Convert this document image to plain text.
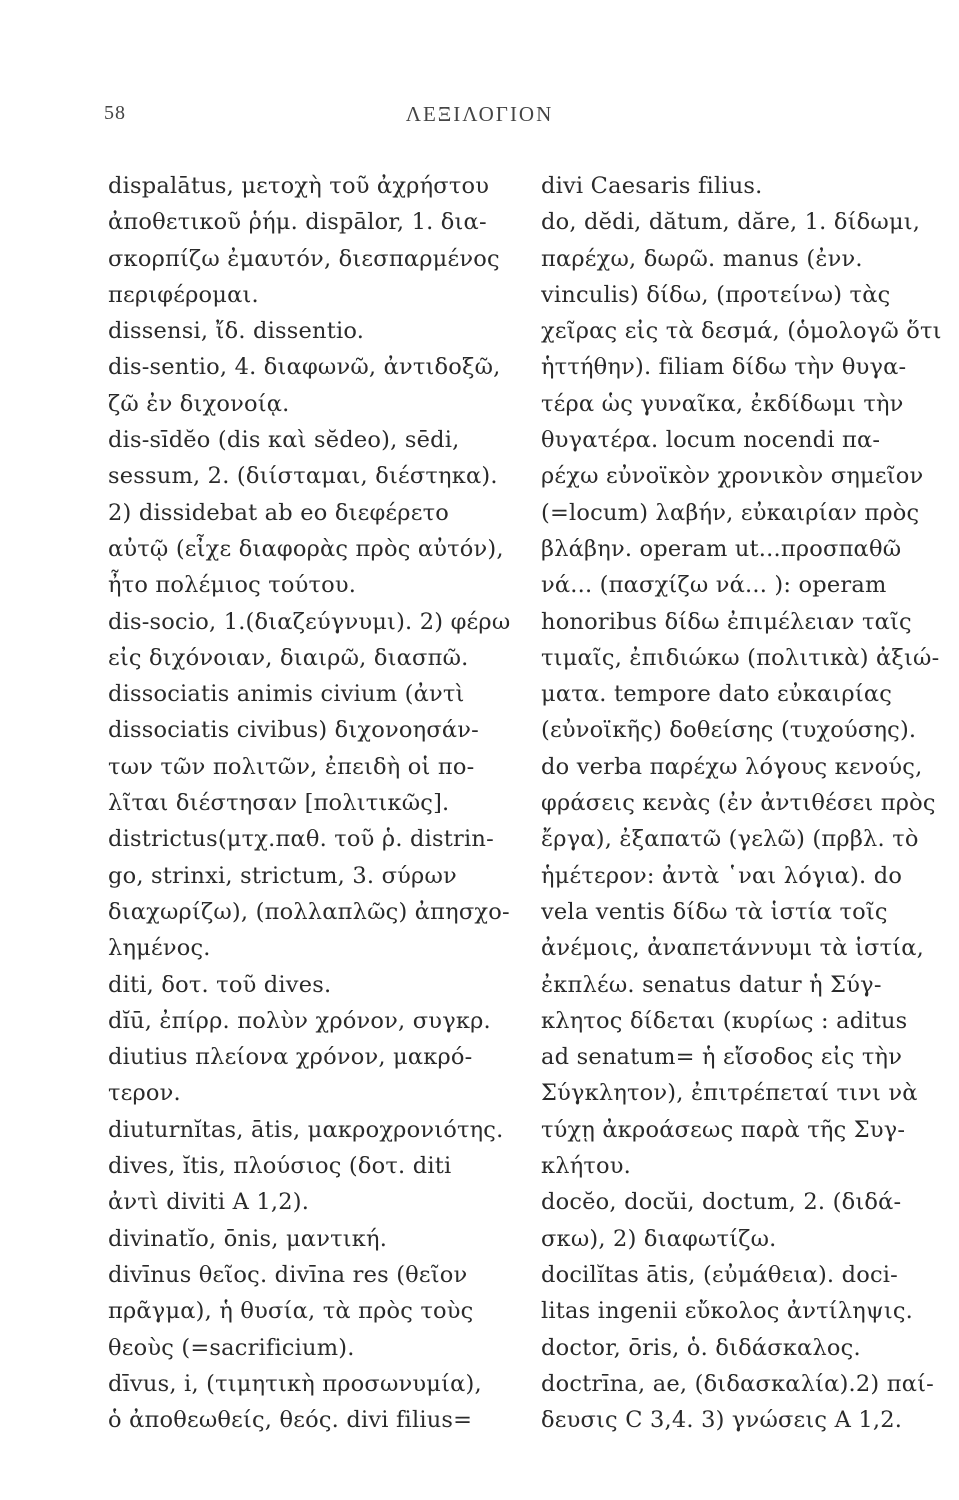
58	ΛΕΞΙΛΟΓΙΟΝ
dispalātus, μετοχὴ τοῦ ἀχρήστου
ἀποθετικοῦ ῥήμ. dispālor, 1. δια-
σκορπίζω ἐμαυτόν, διεσπαρμένος
περιφέρομαι.
dissensi, ἴδ. dissentio.
dis-sentio, 4. διαφωνῶ, ἀντιδοξῶ,
ζῶ ἐν διχονοίᾳ.
dis-sīdĕo (dis καὶ sĕdeo), sēdi,
sessum, 2. (διίσταμαι, διέστηκα).
2) dissidebat ab eo διεφέρετο
αὐτῷ (εἶχε διαφορὰς πρὸς αὐτόν),
ἦτο πολέμιος τούτου.
dis-socio, 1.(διαζεύγνυμι). 2) φέρω
εἰς διχόνοιαν, διαιρῶ, διασπῶ.
dissociatis animis civium (ἀντὶ
dissociatis civibus) διχονοησάν-
των τῶν πολιτῶν, ἐπειδὴ οἱ πο-
λῖται διέστησαν [πολιτικῶς].
districtus(μτχ.παθ. τοῦ ῥ. distrin-
go, strinxi, strictum, 3. σύρων
διαχωρίζω), (πολλαπλῶς) ἀπησχο-
λημένος.
diti, δοτ. τοῦ dives.
dĭū, ἐπίρρ. πολὺν χρόνον, συγκρ.
diutius πλείονα χρόνον, μακρό-
τερον.
diuturnĭtas, ātis, μακροχρονιότης.
dives, ĭtis, πλούσιος (δοτ. diti
ἀντὶ diviti A 1,2).
divinatĭo, ōnis, μαντική.
divīnus θεῖος. divīna res (θεῖον
πρᾶγμα), ἡ θυσία, τὰ πρὸς τοὺς
θεοὺς (=sacrificium).
dīvus, i, (τιμητικὴ προσωνυμία),
ὁ ἀποθεωθείς, θεός. divi filius=
divi Caesaris filius.
do, dĕdi, dătum, dăre, 1. δίδωμι,
παρέχω, δωρῶ. manus (ἐνν.
vinculis) δίδω, (προτείνω) τὰς
χεῖρας εἰς τὰ δεσμά, (ὁμολογῶ ὅτι
ἡττήθην). filiam δίδω τὴν θυγα-
τέρα ὡς γυναῖκα, ἐκδίδωμι τὴν
θυγατέρα. locum nocendi πα-
ρέχω εὐνοϊκὸν χρονικὸν σημεῖον
(=locum) λαβήν, εὐκαιρίαν πρὸς
βλάβην. operam ut...προσπαθῶ
νά... (πασχίζω νά... ): operam
honoribus δίδω ἐπιμέλειαν ταῖς
τιμαῖς, ἐπιδιώκω (πολιτικὰ) ἀξιώ-
ματα. tempore dato εὐκαιρίας
(εὐνοϊκῆς) δοθείσης (τυχούσης).
do verba παρέχω λόγους κενούς,
φράσεις κενὰς (ἐν ἀντιθέσει πρὸς
ἔργα), ἐξαπατῶ (γελῶ) (πρβλ. τὸ
ἡμέτερον: ἀντὰ ῾ναι λόγια). do
vela ventis δίδω τὰ ἱστία τοῖς
ἀνέμοις, ἀναπετάννυμι τὰ ἱστία,
ἐκπλέω. senatus datur ἡ Σύγ-
κλητος δίδεται (κυρίως : aditus
ad senatum= ἡ εἴσοδος εἰς τὴν
Σύγκλητον), ἐπιτρέπεταί τινι νὰ
τύχῃ ἀκροάσεως παρὰ τῆς Συγ-
κλήτου.
docĕo, docŭi, doctum, 2. (διδά-
σκω), 2) διαφωτίζω.
docilĭtas ātis, (εὐμάθεια). doci-
litas ingenii εὔκολος ἀντίληψις.
doctor, ōris, ὁ. διδάσκαλος.
doctrīna, ae, (διδασκαλία).2) παί-
δευσις C 3,4. 3) γνώσεις A 1,2.
